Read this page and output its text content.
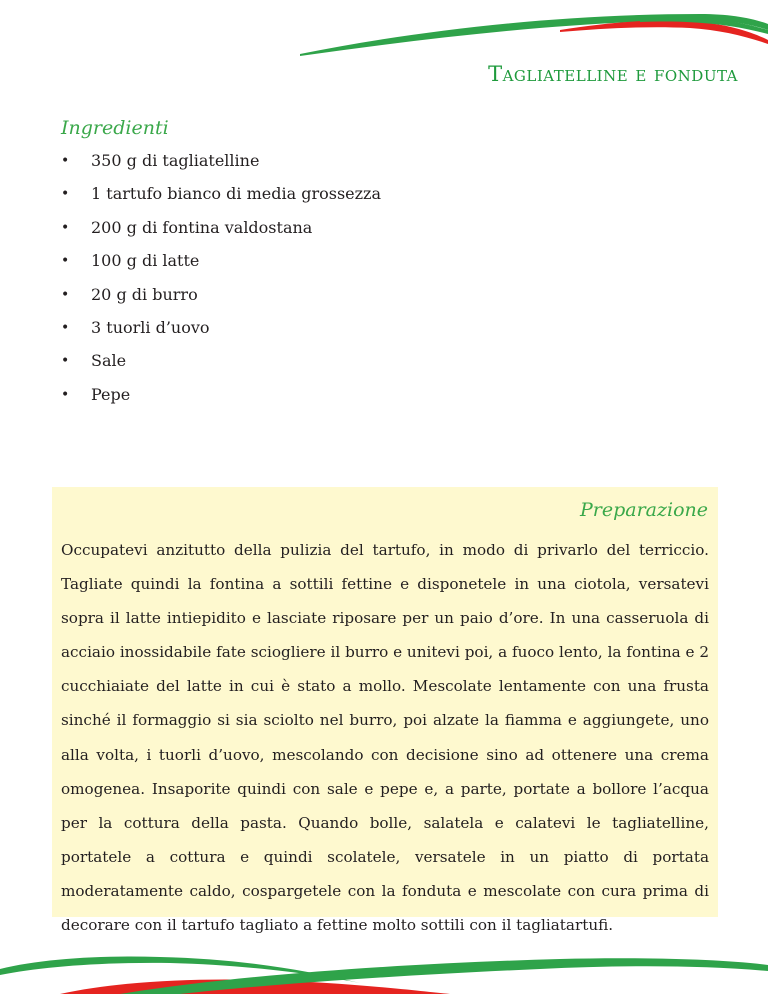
Tagliatelline e fonduta
Ingredienti
•	350 g di tagliatelline
•	1 tartufo bianco di media grossezza
•	200 g di fontina valdostana
•	100 g di latte
•	20 g di burro
•	3 tuorli d’uovo
•	Sale
•	Pepe
Preparazione

Occupatevi anzitutto della pulizia del tartufo, in modo di privarlo del terriccio. Tagliate quindi la fontina a sottili fettine e disponetele in una ciotola, versatevi sopra il latte intiepidito e lasciate riposare per un paio d’ore. In una casseruola di acciaio inossidabile fate sciogliere il burro e unitevi poi, a fuoco lento, la fontina e 2 cucchiaiate del latte in cui è stato a mollo. Mescolate lentamente con una frusta sinché il formaggio si sia sciolto nel burro, poi alzate la fiamma e aggiungete, uno alla volta, i tuorli d’uovo, mescolando con decisione sino ad ottenere una crema omogenea. Insaporite quindi con sale e pepe e, a parte, portate a bollore l’acqua per la cottura della pasta. Quando bolle, salatela e calatevi le tagliatelline, portatele a cottura e quindi scolatele, versatele in un piatto di portata moderatamente caldo, cospargetele con la fonduta e mescolate con cura prima di decorare con il tartufo tagliato a fettine molto sottili con il tagliatartufi.
